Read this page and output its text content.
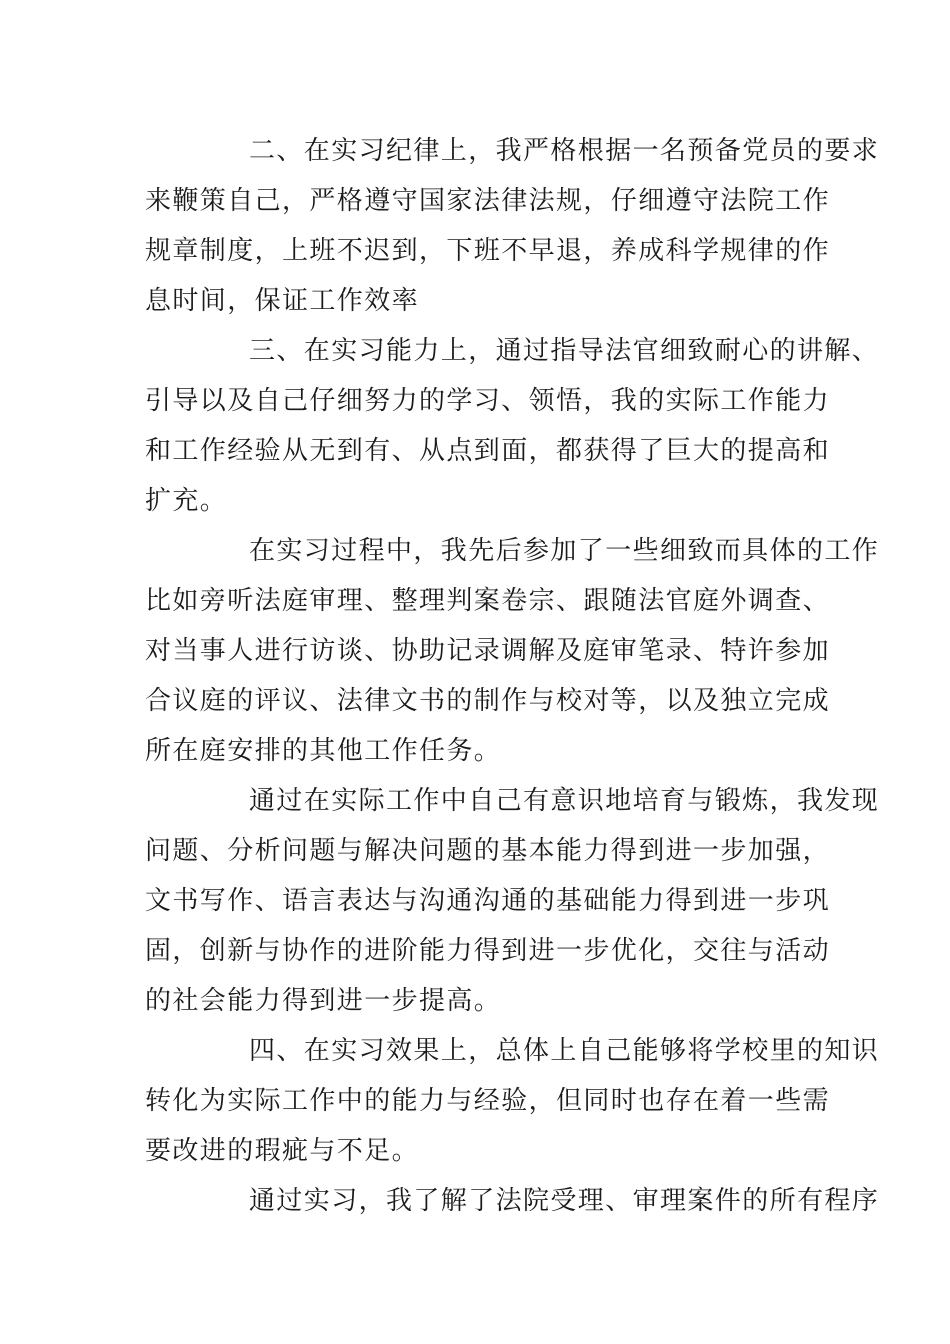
二、在实习纪律上，我严格根据一名预备党员的要求
来鞭策自己，严格遵守国家法律法规，仔细遵守法院工作
规章制度，上班不迟到，下班不早退，养成科学规律的作
息时间，保证工作效率
三、在实习能力上，通过指导法官细致耐心的讲解、
引导以及自己仔细努力的学习、领悟，我的实际工作能力
和工作经验从无到有、从点到面，都获得了巨大的提高和
扩充。
在实习过程中，我先后参加了一些细致而具体的工作
比如旁听法庭审理、整理判案卷宗、跟随法官庭外调查、
对当事人进行访谈、协助记录调解及庭审笔录、特许参加
合议庭的评议、法律文书的制作与校对等，以及独立完成
所在庭安排的其他工作任务。
通过在实际工作中自己有意识地培育与锻炼，我发现
问题、分析问题与解决问题的基本能力得到进一步加强，
文书写作、语言表达与沟通沟通的基础能力得到进一步巩
固，创新与协作的进阶能力得到进一步优化，交往与活动
的社会能力得到进一步提高。
四、在实习效果上，总体上自己能够将学校里的知识
转化为实际工作中的能力与经验，但同时也存在着一些需
要改进的瑕疵与不足。
通过实习，我了解了法院受理、审理案件的所有程序
